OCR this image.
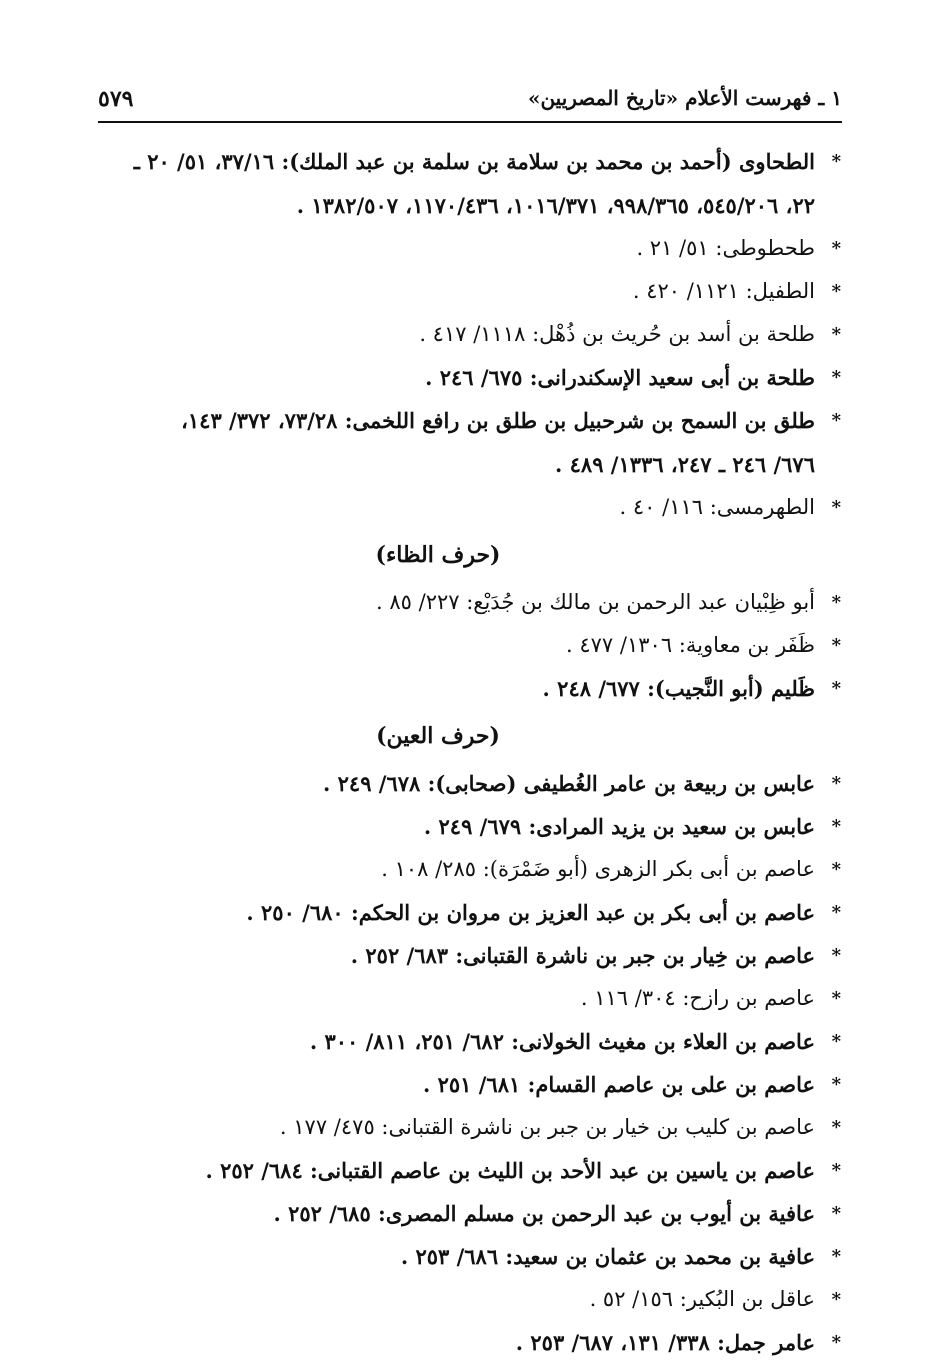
١ ـ فهرست الأعلام «تاريخ المصريين»
٥٧٩
*
الطحاوى (أحمد بن محمد بن سلامة بن سلمة بن عبد الملك): ٣٧/١٦، ٥١/ ٢٠ ـ
٢٢، ٥٤٥/٢٠٦، ٩٩٨/٣٦٥، ١٠١٦/٣٧١، ١١٧٠/٤٣٦، ١٣٨٢/٥٠٧ .
*
طحطوطى: ٥١/ ٢١ .
*
الطفيل: ١١٢١/ ٤٢٠ .
*
طلحة بن أسد بن حُريث بن ذُهْل: ١١١٨/ ٤١٧ .
*
طلحة بن أبى سعيد الإسكندرانى: ٦٧٥/ ٢٤٦ .
*
طلق بن السمح بن شرحبيل بن طلق بن رافع اللخمى: ٧٣/٢٨، ٣٧٢/ ١٤٣،
٦٧٦/ ٢٤٦ ـ ٢٤٧، ١٣٣٦/ ٤٨٩ .
*
الطهرمسى: ١١٦/ ٤٠ .
(حرف الظاء)
*
أبو ظِبْيان عبد الرحمن بن مالك بن جُدَيْع: ٢٢٧/ ٨٥ .
*
ظَفَر بن معاوية: ١٣٠٦/ ٤٧٧ .
*
ظَليم (أبو النَّجيب): ٦٧٧/ ٢٤٨ .
(حرف العين)
*
عابس بن ربيعة بن عامر الغُطيفى (صحابى): ٦٧٨/ ٢٤٩ .
*
عابس بن سعيد بن يزيد المرادى: ٦٧٩/ ٢٤٩ .
*
عاصم بن أبى بكر الزهرى (أبو ضَمْرَة): ٢٨٥/ ١٠٨ .
*
عاصم بن أبى بكر بن عبد العزيز بن مروان بن الحكم: ٦٨٠/ ٢٥٠ .
*
عاصم بن خِيار بن جبر بن ناشرة القتبانى: ٦٨٣/ ٢٥٢ .
*
عاصم بن رازح: ٣٠٤/ ١١٦ .
*
عاصم بن العلاء بن مغيث الخولانى: ٦٨٢/ ٢٥١، ٨١١/ ٣٠٠ .
*
عاصم بن على بن عاصم القسام: ٦٨١/ ٢٥١ .
*
عاصم بن كليب بن خيار بن جبر بن ناشرة القتبانى: ٤٧٥/ ١٧٧ .
*
عاصم بن ياسين بن عبد الأحد بن الليث بن عاصم القتبانى: ٦٨٤/ ٢٥٢ .
*
عافية بن أيوب بن عبد الرحمن بن مسلم المصرى: ٦٨٥/ ٢٥٢ .
*
عافية بن محمد بن عثمان بن سعيد: ٦٨٦/ ٢٥٣ .
*
عاقل بن البُكير: ١٥٦/ ٥٢ .
*
عامر جمل: ٣٣٨/ ١٣١، ٦٨٧/ ٢٥٣ .
